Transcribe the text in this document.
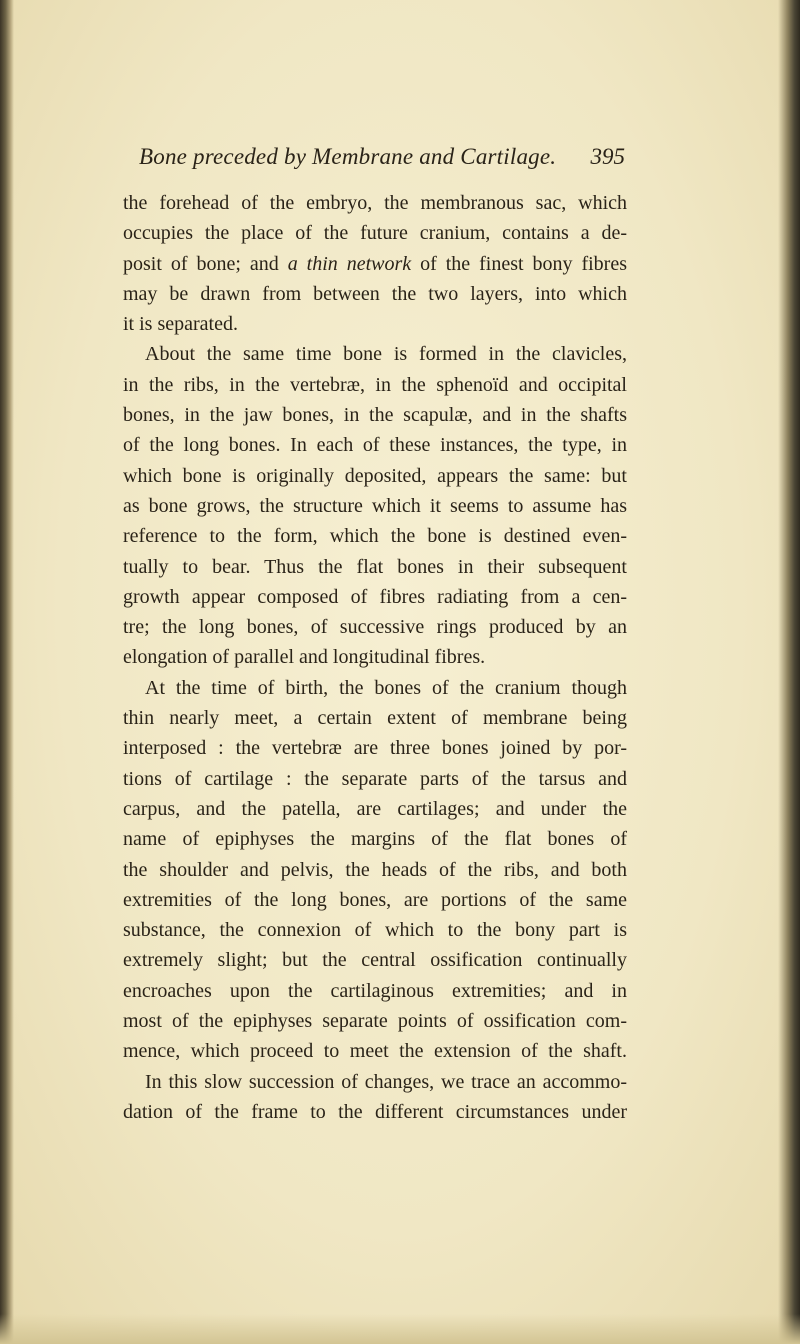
Bone preceded by Membrane and Cartilage. 395
the forehead of the embryo, the membranous sac, which
occupies the place of the future cranium, contains a de-
posit of bone; and a thin network of the finest bony fibres
may be drawn from between the two layers, into which
it is separated.
About the same time bone is formed in the clavicles,
in the ribs, in the vertebræ, in the sphenoïd and occipital
bones, in the jaw bones, in the scapulæ, and in the shafts
of the long bones. In each of these instances, the type, in
which bone is originally deposited, appears the same: but
as bone grows, the structure which it seems to assume has
reference to the form, which the bone is destined even-
tually to bear. Thus the flat bones in their subsequent
growth appear composed of fibres radiating from a cen-
tre; the long bones, of successive rings produced by an
elongation of parallel and longitudinal fibres.
At the time of birth, the bones of the cranium though
thin nearly meet, a certain extent of membrane being
interposed : the vertebræ are three bones joined by por-
tions of cartilage : the separate parts of the tarsus and
carpus, and the patella, are cartilages; and under the
name of epiphyses the margins of the flat bones of
the shoulder and pelvis, the heads of the ribs, and both
extremities of the long bones, are portions of the same
substance, the connexion of which to the bony part is
extremely slight; but the central ossification continually
encroaches upon the cartilaginous extremities; and in
most of the epiphyses separate points of ossification com-
mence, which proceed to meet the extension of the shaft.
In this slow succession of changes, we trace an accommo-
dation of the frame to the different circumstances under
